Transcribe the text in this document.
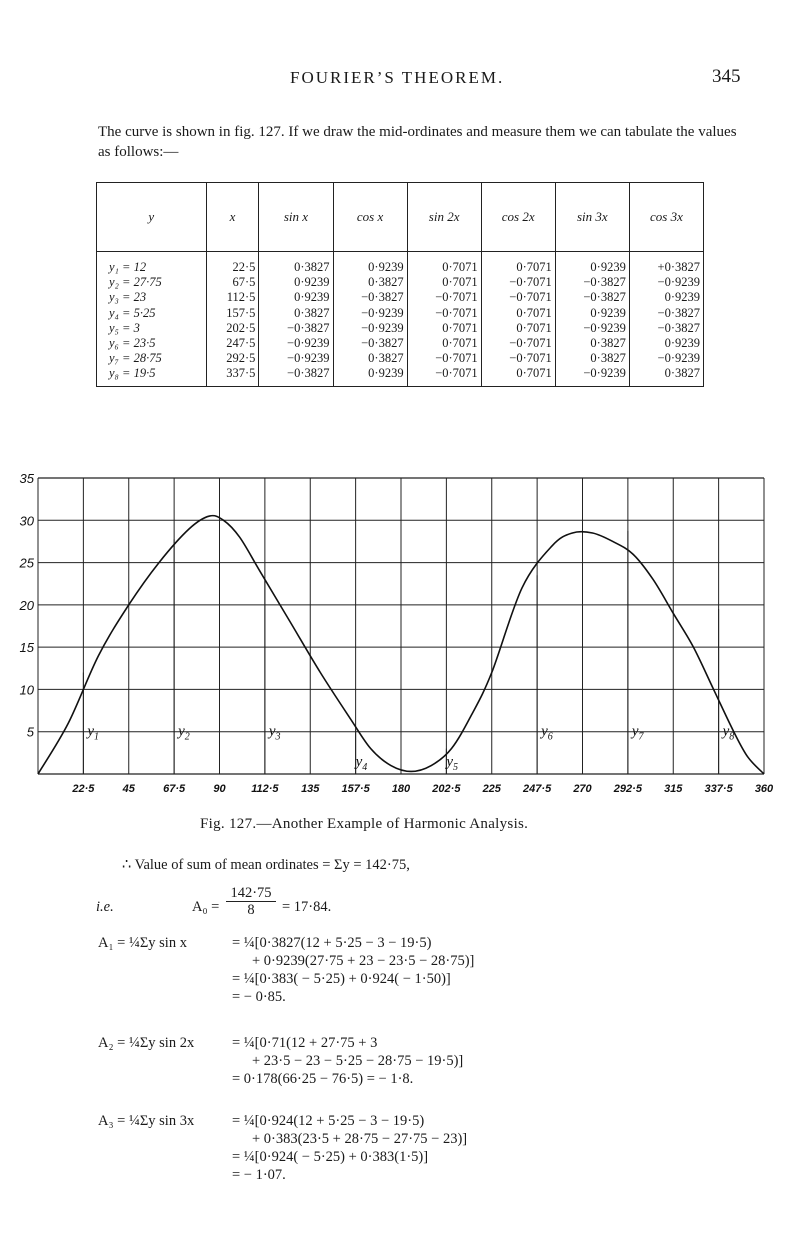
FOURIER’S THEOREM.	345
The curve is shown in fig. 127. If we draw the mid-ordinates and measure them we can tabulate the values as follows:—
y	x	sin x	cos x	sin 2x	cos 2x	sin 3x	cos 3x
y₁ = 12	22·5	0·3827	0·9239	0·7071	0·7071	0·9239	+0·3827
y₂ = 27·75	67·5	0·9239	0·3827	0·7071	−0·7071	−0·3827	−0·9239
y₃ = 23	112·5	0·9239	−0·3827	−0·7071	−0·7071	−0·3827	0·9239
y₄ = 5·25	157·5	0·3827	−0·9239	−0·7071	0·7071	0·9239	−0·3827
y₅ = 3	202·5	−0·3827	−0·9239	0·7071	0·7071	−0·9239	−0·3827
y₆ = 23·5	247·5	−0·9239	−0·3827	0·7071	−0·7071	0·3827	0·9239
y₇ = 28·75	292·5	−0·9239	0·3827	−0·7071	−0·7071	0·3827	−0·9239
y₈ = 19·5	337·5	−0·3827	0·9239	−0·7071	0·7071	−0·9239	0·3827
5
10
15
20
25
30
35
22·5	45	67·5	90 112·5 135 157·5 180 202·5 225 247·5 270 292·5 315 337·5 360
$y_1$	$y_2$	$y_3$
$y_4$	$y_5$
$y_6$	$y_7$	$y_8$
Fig. 127.—Another Example of Harmonic Analysis.
∴ Value of sum of mean ordinates = Σy = 142·75,
i.e.	A₀ =
142·75
8	= 17·84.
A₁ = ¼Σy sin x	= ¼[0·3827(12 + 5·25 − 3 − 19·5)
+ 0·9239(27·75 + 23 − 23·5 − 28·75)]
= ¼[0·383( − 5·25) + 0·924( − 1·50)]
= − 0·85.
A₂ = ¼Σy sin 2x	= ¼[0·71(12 + 27·75 + 3
+ 23·5 − 23 − 5·25 − 28·75 − 19·5)]
= 0·178(66·25 − 76·5) = − 1·8.
A₃ = ¼Σy sin 3x	= ¼[0·924(12 + 5·25 − 3 − 19·5)
+ 0·383(23·5 + 28·75 − 27·75 − 23)]
= ¼[0·924( − 5·25) + 0·383(1·5)]
= − 1·07.
